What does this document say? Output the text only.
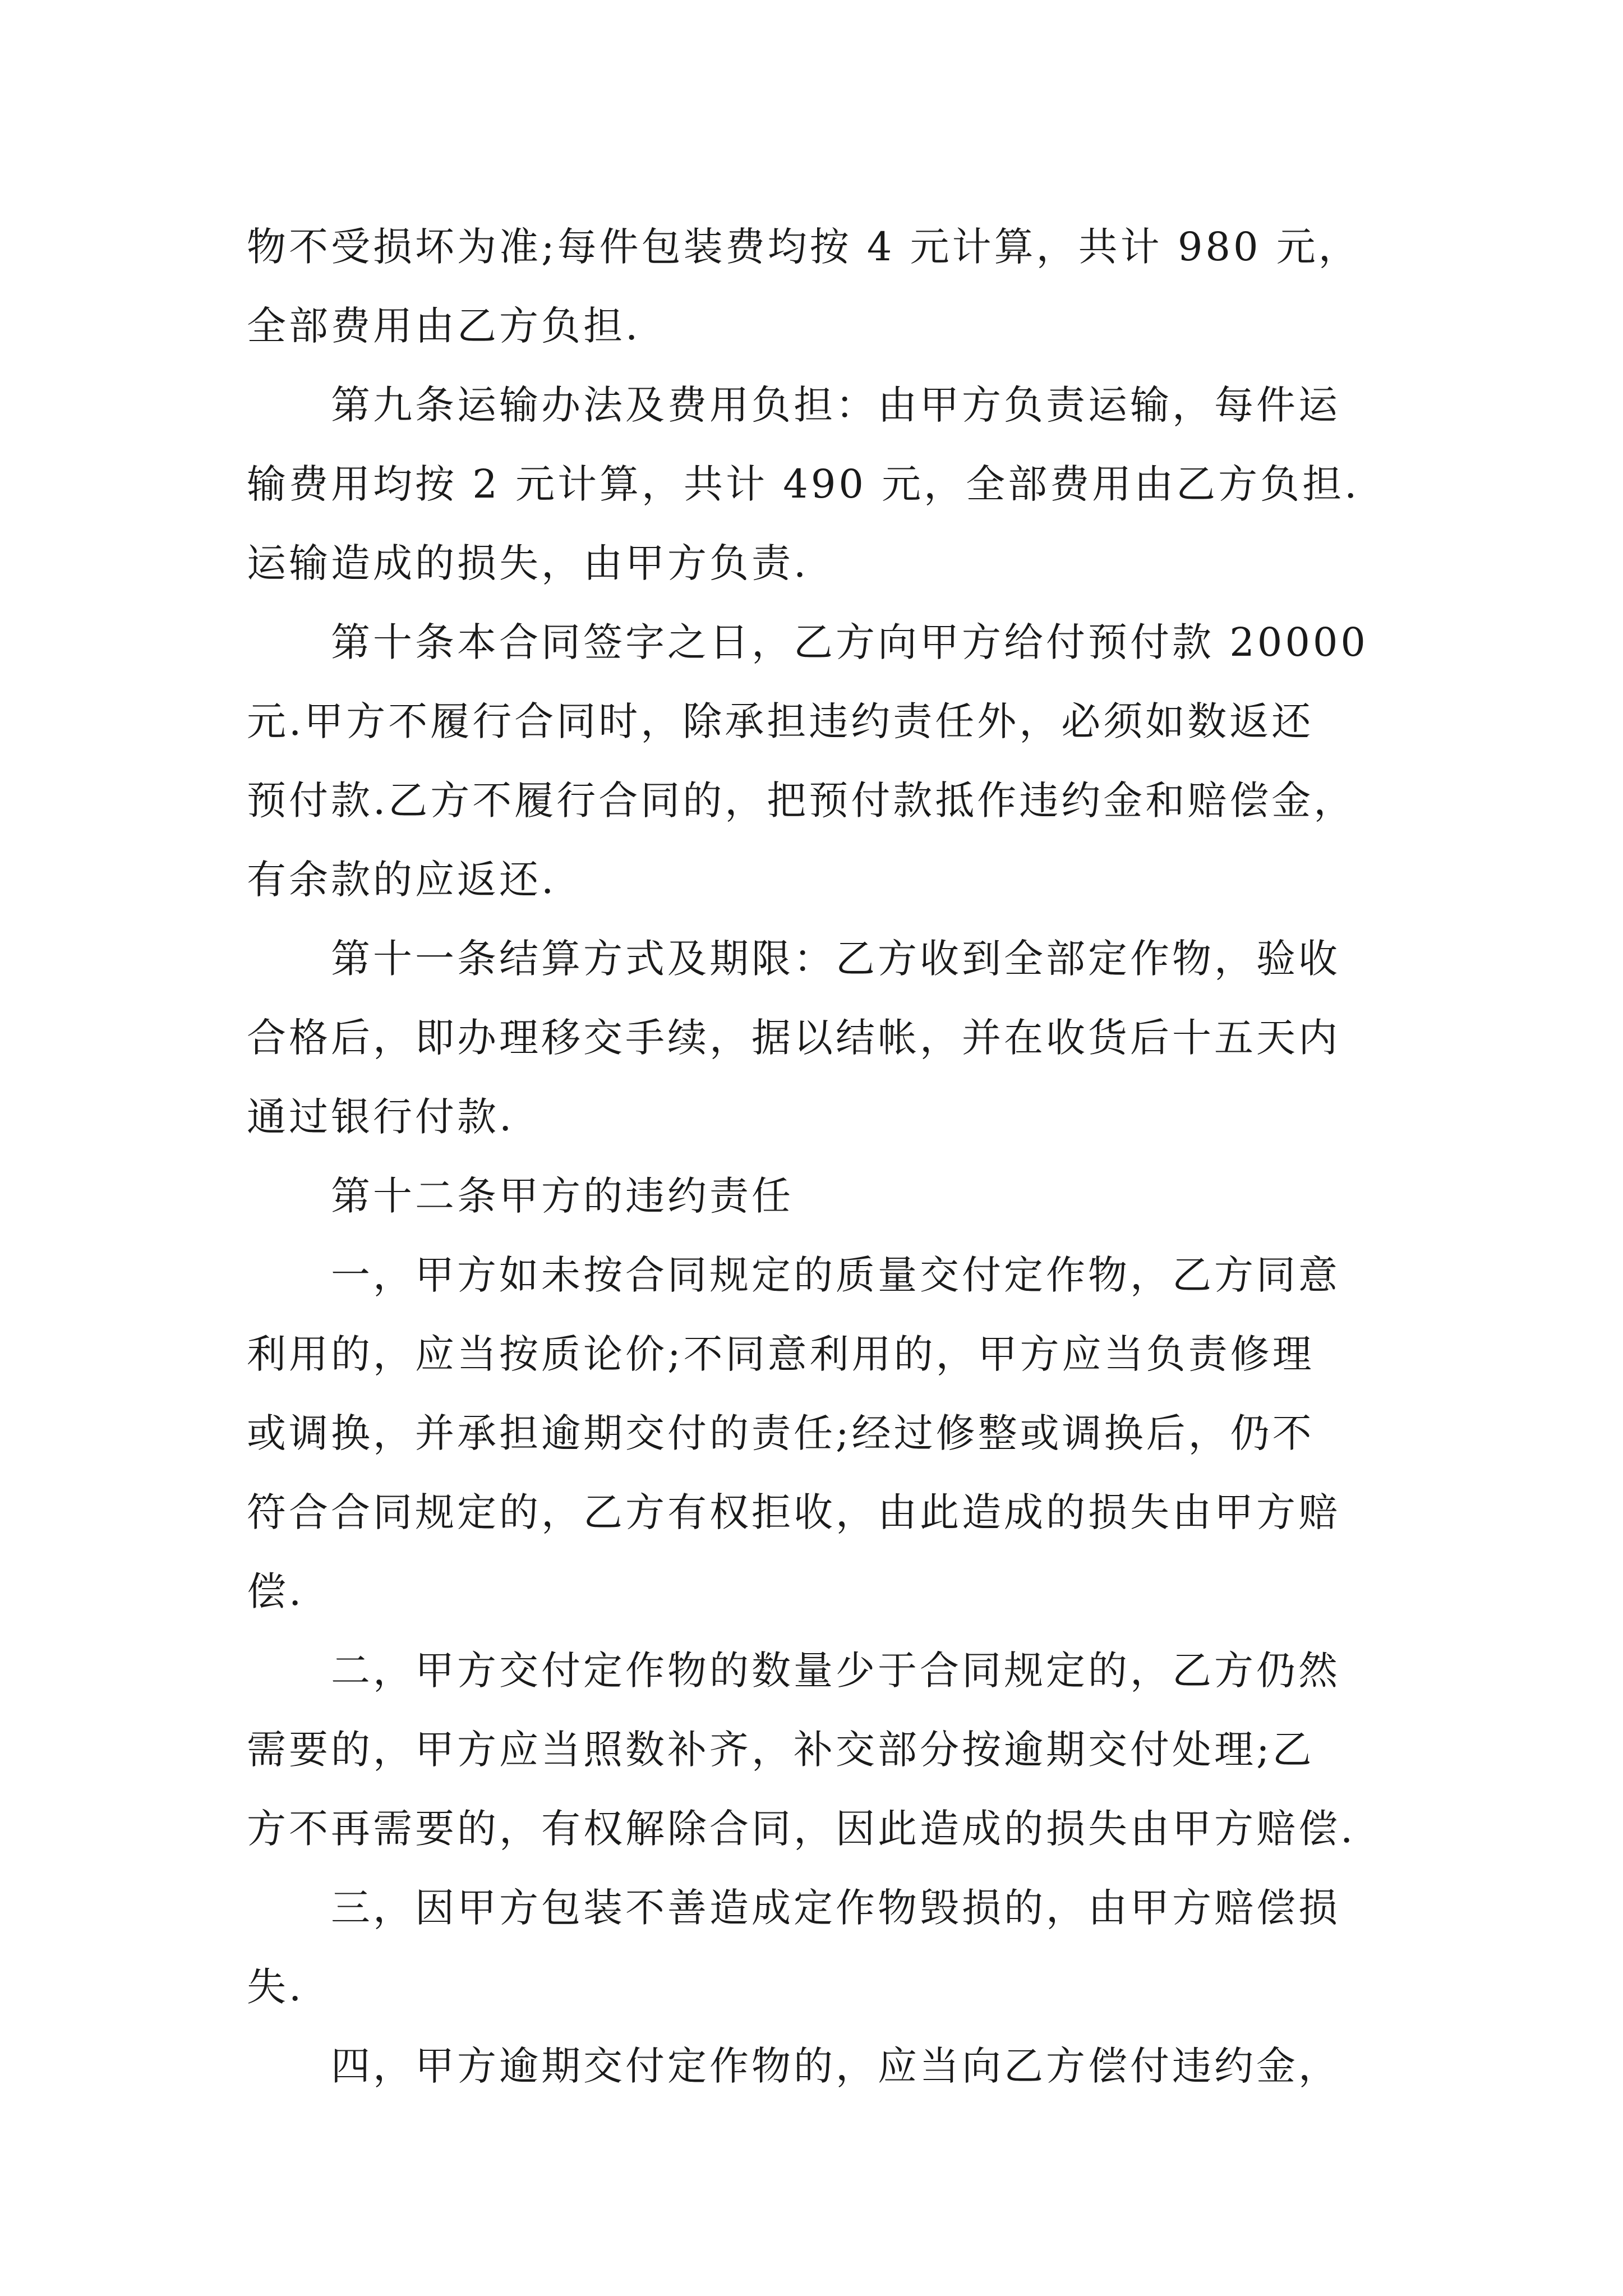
物不受损坏为准;每件包装费均按 4 元计算，共计 980 元，
全部费用由乙方负担.
第九条运输办法及费用负担：由甲方负责运输，每件运
输费用均按 2 元计算，共计 490 元，全部费用由乙方负担.
运输造成的损失，由甲方负责.
第十条本合同签字之日，乙方向甲方给付预付款 20000
元.甲方不履行合同时，除承担违约责任外，必须如数返还
预付款.乙方不履行合同的，把预付款抵作违约金和赔偿金，
有余款的应返还.
第十一条结算方式及期限：乙方收到全部定作物，验收
合格后，即办理移交手续，据以结帐，并在收货后十五天内
通过银行付款.
第十二条甲方的违约责任
一，甲方如未按合同规定的质量交付定作物，乙方同意
利用的，应当按质论价;不同意利用的，甲方应当负责修理
或调换，并承担逾期交付的责任;经过修整或调换后，仍不
符合合同规定的，乙方有权拒收，由此造成的损失由甲方赔
偿.
二，甲方交付定作物的数量少于合同规定的，乙方仍然
需要的，甲方应当照数补齐，补交部分按逾期交付处理;乙
方不再需要的，有权解除合同，因此造成的损失由甲方赔偿.
三，因甲方包装不善造成定作物毁损的，由甲方赔偿损
失.
四，甲方逾期交付定作物的，应当向乙方偿付违约金，
